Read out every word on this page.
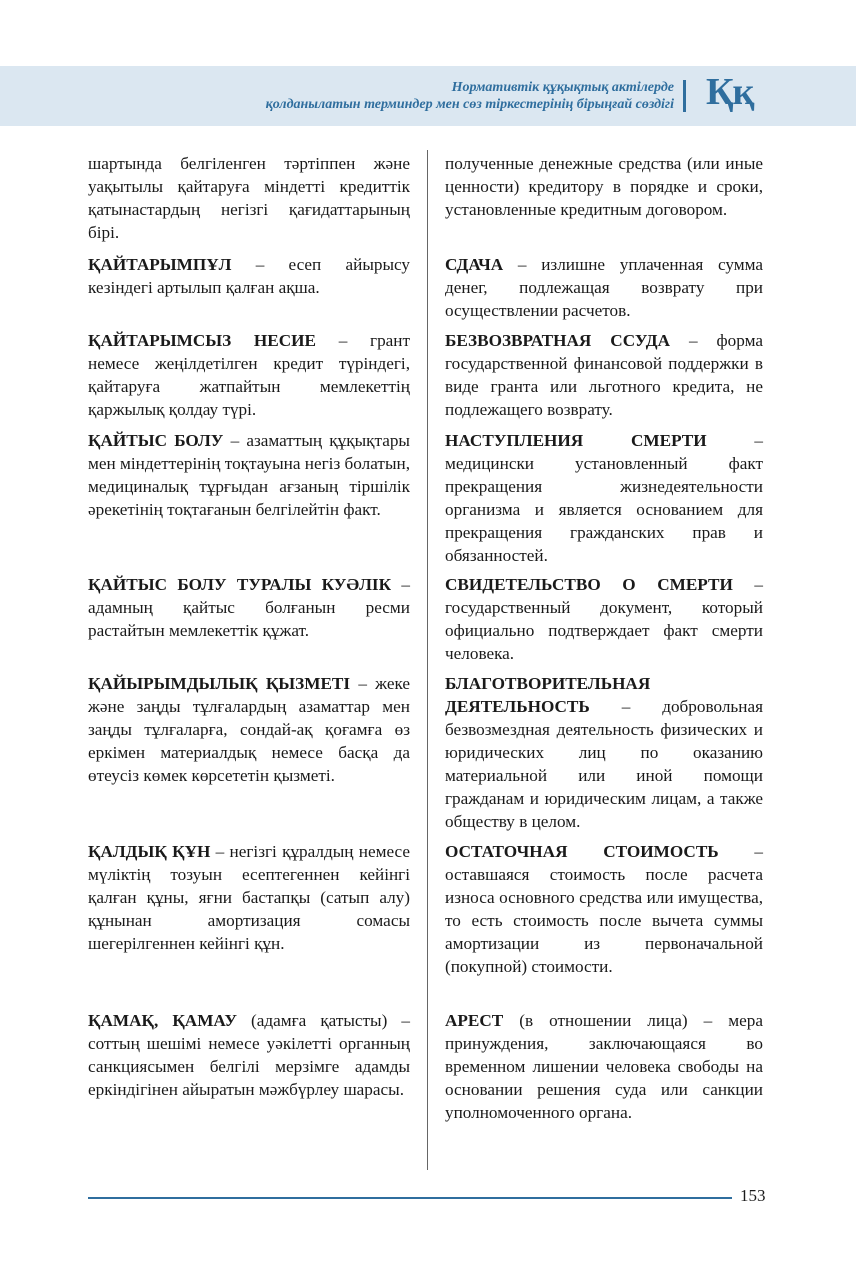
Нормативтік құқықтық актілерде
қолданылатын терминдер мен сөз тіркестерінің бірыңғай сөздігі Ққ
шартында белгіленген тәртіппен және уақытылы қайтаруға міндетті кредиттік қатынастардың негізгі қағидаттарының бірі.
полученные денежные средства (или иные ценности) кредитору в порядке и сроки, установленные кредитным договором.
ҚАЙТАРЫМПҰЛ – есеп айырысу кезіндегі артылып қалған ақша.
СДАЧА – излишне уплаченная сумма денег, подлежащая возврату при осуществлении расчетов.
ҚАЙТАРЫМСЫЗ НЕСИЕ – грант немесе жеңілдетілген кредит түріндегі, қайтаруға жатпайтын мемлекеттің қаржылық қолдау түрі.
БЕЗВОЗВРАТНАЯ ССУДА – форма государственной финансовой поддержки в виде гранта или льготного кредита, не подлежащего возврату.
ҚАЙТЫС БОЛУ – азаматтың құқықтары мен міндеттерінің тоқтауына негіз болатын, медициналық тұрғыдан ағзаның тіршілік әрекетінің тоқтағанын белгілейтін факт.
НАСТУПЛЕНИЯ СМЕРТИ – медицински установленный факт прекращения жизнедеятельности организма и является основанием для прекращения гражданских прав и обязанностей.
ҚАЙТЫС БОЛУ ТУРАЛЫ КУӘЛІК – адамның қайтыс болғанын ресми растайтын мемлекеттік құжат.
СВИДЕТЕЛЬСТВО О СМЕРТИ – государственный документ, который официально подтверждает факт смерти человека.
ҚАЙЫРЫМДЫЛЫҚ ҚЫЗМЕТІ – жеке және заңды тұлғалардың азаматтар мен заңды тұлғаларға, сондай-ақ қоғамға өз еркімен материалдық немесе басқа да өтеусіз көмек көрсететін қызметі.
БЛАГОТВОРИТЕЛЬНАЯ ДЕЯТЕЛЬНОСТЬ – добровольная безвозмездная деятельность физических и юридических лиц по оказанию материальной или иной помощи гражданам и юридическим лицам, а также обществу в целом.
ҚАЛДЫҚ ҚҰН – негізгі құралдың немесе мүліктің тозуын есептегеннен кейінгі қалған құны, яғни бастапқы (сатып алу) құнынан амортизация сомасы шегерілгеннен кейінгі құн.
ОСТАТОЧНАЯ СТОИМОСТЬ – оставшаяся стоимость после расчета износа основного средства или имущества, то есть стоимость после вычета суммы амортизации из первоначальной (покупной) стоимости.
ҚАМАҚ, ҚАМАУ (адамға қатысты) – соттың шешімі немесе уәкілетті органның санкциясымен белгілі мерзімге адамды еркіндігінен айыратын мәжбүрлеу шарасы.
АРЕСТ (в отношении лица) – мера принуждения, заключающаяся во временном лишении человека свободы на основании решения суда или санкции уполномоченного органа.
153
